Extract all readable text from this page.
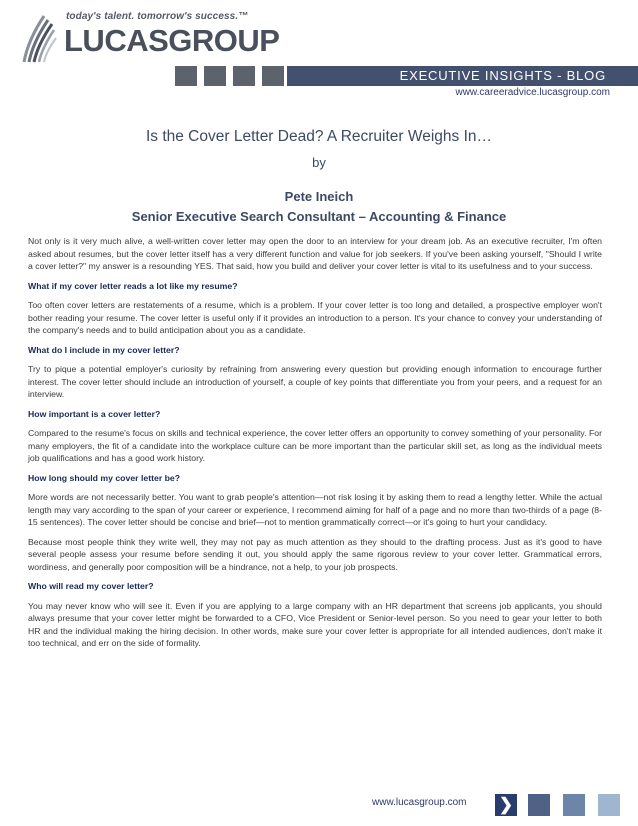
today's talent. tomorrow's success.™
LUCASGROUP
EXECUTIVE INSIGHTS - BLOG
www.careeradvice.lucasgroup.com
Is the Cover Letter Dead? A Recruiter Weighs In…
by
Pete Ineich
Senior Executive Search Consultant – Accounting & Finance

Not only is it very much alive, a well-written cover letter may open the door to an interview for your dream job. As an executive recruiter, I'm often asked about resumes, but the cover letter itself has a very different function and value for job seekers. If you've been asking yourself, "Should I write a cover letter?" my answer is a resounding YES. That said, how you build and deliver your cover letter is vital to its usefulness and to your success.

What if my cover letter reads a lot like my resume?

Too often cover letters are restatements of a resume, which is a problem. If your cover letter is too long and detailed, a prospective employer won't bother reading your resume. The cover letter is useful only if it provides an introduction to a person. It's your chance to convey your understanding of the company's needs and to build anticipation about you as a candidate.

What do I include in my cover letter?

Try to pique a potential employer's curiosity by refraining from answering every question but providing enough information to encourage further interest. The cover letter should include an introduction of yourself, a couple of key points that differentiate you from your peers, and a request for an interview.

How important is a cover letter?

Compared to the resume's focus on skills and technical experience, the cover letter offers an opportunity to convey something of your personality. For many employers, the fit of a candidate into the workplace culture can be more important than the particular skill set, as long as the individual meets job qualifications and has a good work history.

How long should my cover letter be?

More words are not necessarily better. You want to grab people's attention—not risk losing it by asking them to read a lengthy letter. While the actual length may vary according to the span of your career or experience, I recommend aiming for half of a page and no more than two-thirds of a page (8-15 sentences). The cover letter should be concise and brief—not to mention grammatically correct—or it's going to hurt your candidacy.

Because most people think they write well, they may not pay as much attention as they should to the drafting process. Just as it's good to have several people assess your resume before sending it out, you should apply the same rigorous review to your cover letter. Grammatical errors, wordiness, and generally poor composition will be a hindrance, not a help, to your job prospects.

Who will read my cover letter?

You may never know who will see it. Even if you are applying to a large company with an HR department that screens job applicants, you should always presume that your cover letter might be forwarded to a CFO, Vice President or Senior-level person. So you need to gear your letter to both HR and the individual making the hiring decision. In other words, make sure your cover letter is appropriate for all intended audiences, don't make it too technical, and err on the side of formality.

www.lucasgroup.com ❯
